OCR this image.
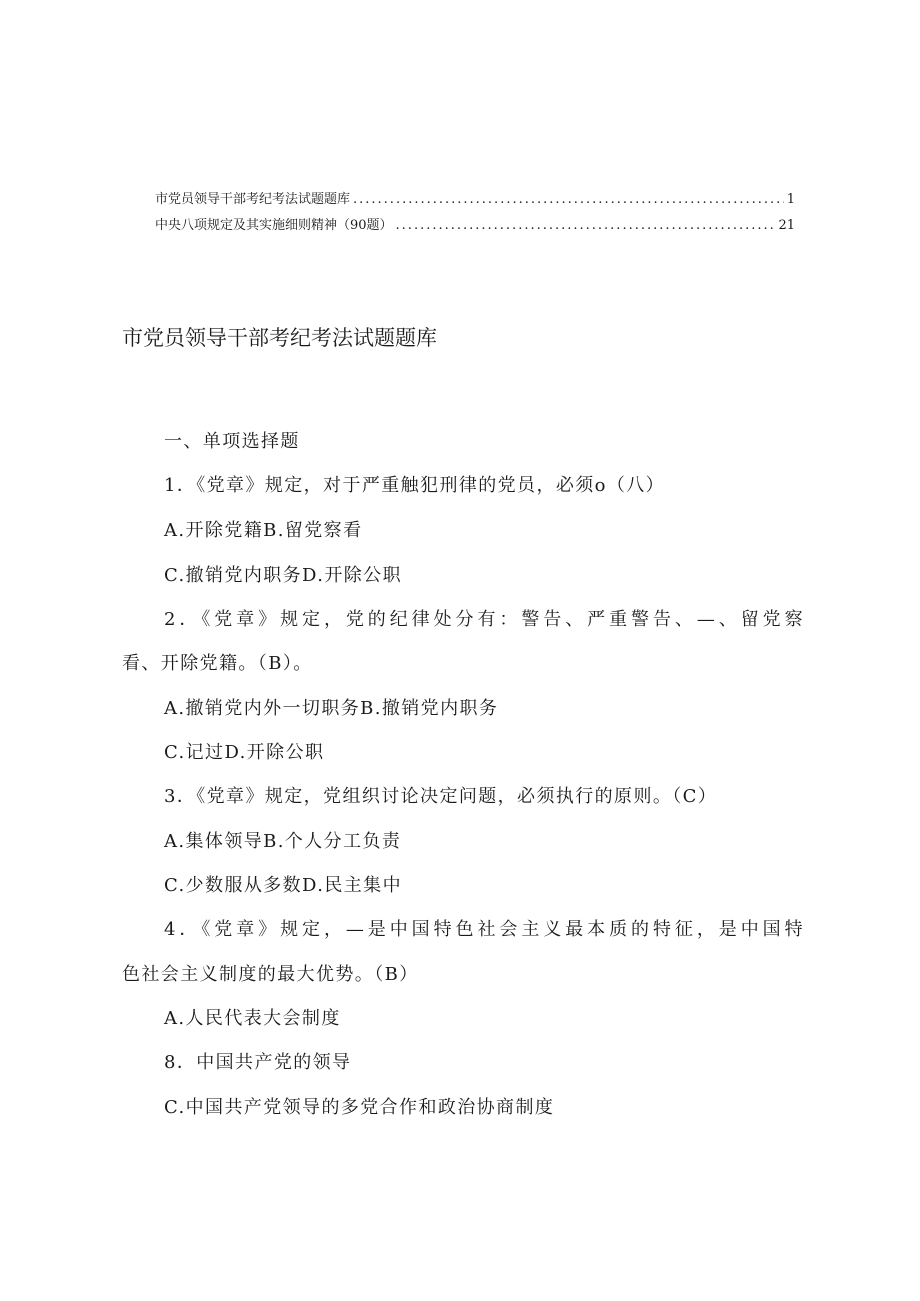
市党员领导干部考纪考法试题题库 .....	1
中央八项规定及其实施细则精神（90题） .....	21
市党员领导干部考纪考法试题题库
一、单项选择题
1．《党章》规定，对于严重触犯刑律的党员，必须o（八）
A.开除党籍B.留党察看
C.撤销党内职务D.开除公职
2．《党章》规定，党的纪律处分有：警告、严重警告、—、留党察
看、开除党籍。（B）。
A.撤销党内外一切职务B.撤销党内职务
C.记过D.开除公职
3．《党章》规定，党组织讨论决定问题，必须执行的原则。（C）
A.集体领导B.个人分工负责
C.少数服从多数D.民主集中
4．《党章》规定，—是中国特色社会主义最本质的特征，是中国特
色社会主义制度的最大优势。（B）
A.人民代表大会制度
8．中国共产党的领导
C.中国共产党领导的多党合作和政治协商制度
